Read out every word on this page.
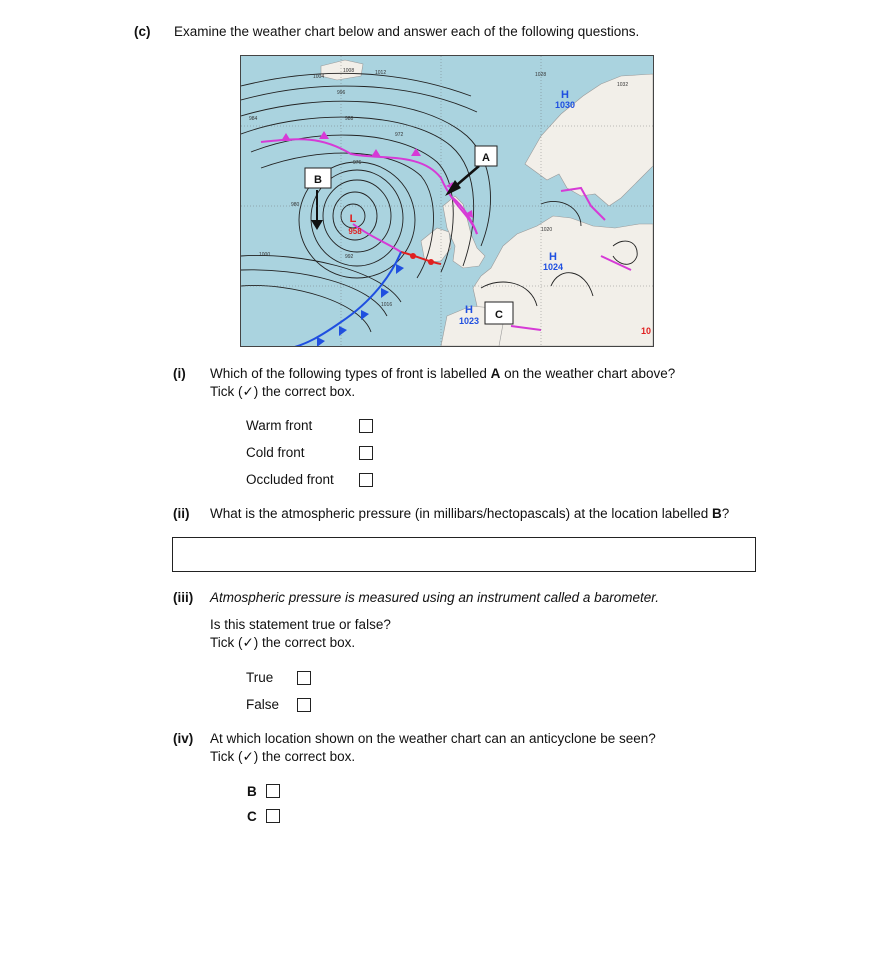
(c) Examine the weather chart below and answer each of the following questions.
A
B
C
H
1030
H
1024
H
1023
L
958
1004
1008	1012
996
988
984
980
976
972
1000	992
1016
1020
1028
1032
10
(i) Which of the following types of front is labelled A on the weather chart above?
Tick (✓) the correct box.
Warm front
Cold front
Occluded front
(ii) What is the atmospheric pressure (in millibars/hectopascals) at the location labelled B?
(iii) Atmospheric pressure is measured using an instrument called a barometer.
Is this statement true or false?
Tick (✓) the correct box.
True
False
(iv) At which location shown on the weather chart can an anticyclone be seen?
Tick (✓) the correct box.
B
C
